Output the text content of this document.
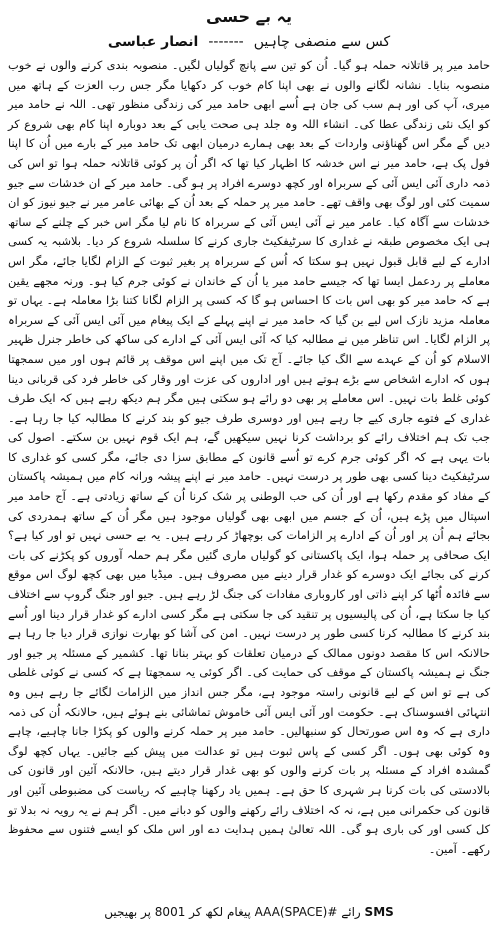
یہ بے حسی
کس سے منصفی چاہیں
-------
انصار عباسی

حامد میر پر قاتلانہ حملہ ہو گیا۔ اُن کو تین سے پانچ گولیاں لگیں۔ منصوبہ بندی کرنے والوں نے خوب منصوبہ بنایا۔ نشانہ لگانے والوں نے بھی اپنا کام خوب کر دکھایا مگر جس رب العزت کے ہاتھ میں میری، آپ کی اور ہم سب کی جان ہے اُسے ابھی حامد میر کی زندگی منظور تھی۔ اللہ نے حامد میر کو ایک نئی زندگی عطا کی۔ انشاء اللہ وہ جلد ہی صحت یابی کے بعد دوبارہ اپنا کام بھی شروع کر دیں گے مگر اس گھناؤنی واردات کے بعد بھی ہمارے درمیان ابھی تک حامد میر کے بارے میں اُن کا اپنا فول پک ہے، حامد میر نے اس خدشہ کا اظہار کیا تھا کہ اگر اُن پر کوئی قاتلانہ حملہ ہوا تو اس کی ذمہ داری آئی ایس آئی کے سربراہ اور کچھ دوسرے افراد پر ہو گی۔ حامد میر کے ان خدشات سے جیو سمیت کئی اور لوگ بھی واقف تھے۔ حامد میر پر حملہ کے بعد اُن کے بھائی عامر میر نے جیو نیوز کو ان خدشات سے آگاہ کیا۔ عامر میر نے آئی ایس آئی کے سربراہ کا نام لیا مگر اس خبر کے چلنے کے ساتھ ہی ایک مخصوص طبقہ نے غداری کا سرٹیفکیٹ جاری کرنے کا سلسلہ شروع کر دیا۔ بلاشبہ یہ کسی ادارے کے لیے قابل قبول نہیں ہو سکتا کہ اُس کے سربراہ پر بغیر ثبوت کے الزام لگایا جائے، مگر اس معاملے پر ردعمل ایسا تھا کہ جیسے حامد میر یا اُن کے خاندان نے کوئی جرم کیا ہو۔ ورنہ مجھے یقین ہے کہ حامد میر کو بھی اس بات کا احساس ہو گا کہ کسی پر الزام لگانا کتنا بڑا معاملہ ہے۔ یہاں تو معاملہ مزید نازک اس لیے بن گیا کہ حامد میر نے اپنے پہلے کے ایک پیغام میں آئی ایس آئی کے سربراہ پر الزام لگایا۔ اس تناظر میں نے مطالبہ کیا کہ آئی ایس آئی کے ادارے کی ساکھ کی خاطر جنرل ظہیر الاسلام کو اُن کے عہدے سے الگ کیا جائے۔ آج تک میں اپنے اس موقف پر قائم ہوں اور میں سمجھتا ہوں کہ ادارے اشخاص سے بڑے ہوتے ہیں اور اداروں کی عزت اور وقار کی خاطر فرد کی قربانی دینا کوئی غلط بات نہیں۔ اس معاملے پر بھی دو رائے ہو سکتی ہیں مگر ہم دیکھ رہے ہیں کہ ایک طرف غداری کے فتوے جاری کیے جا رہے ہیں اور دوسری طرف جیو کو بند کرنے کا مطالبہ کیا جا رہا ہے۔ جب تک ہم اختلاف رائے کو برداشت کرنا نہیں سیکھیں گے، ہم ایک قوم نہیں بن سکتے۔ اصول کی بات یہی ہے کہ اگر کوئی جرم کرے تو اُسے قانون کے مطابق سزا دی جائے، مگر کسی کو غداری کا سرٹیفکیٹ دینا کسی بھی طور پر درست نہیں۔ حامد میر نے اپنے پیشہ ورانہ کام میں ہمیشہ پاکستان کے مفاد کو مقدم رکھا ہے اور اُن کی حب الوطنی پر شک کرنا اُن کے ساتھ زیادتی ہے۔ آج حامد میر اسپتال میں پڑے ہیں، اُن کے جسم میں ابھی بھی گولیاں موجود ہیں مگر اُن کے ساتھ ہمدردی کی بجائے ہم اُن پر اور اُن کے ادارے پر الزامات کی بوچھاڑ کر رہے ہیں۔ یہ بے حسی نہیں تو اور کیا ہے؟ ایک صحافی پر حملہ ہوا، ایک پاکستانی کو گولیاں ماری گئیں مگر ہم حملہ آوروں کو پکڑنے کی بات کرنے کی بجائے ایک دوسرے کو غدار قرار دینے میں مصروف ہیں۔ میڈیا میں بھی کچھ لوگ اس موقع سے فائدہ اُٹھا کر اپنے ذاتی اور کاروباری مفادات کی جنگ لڑ رہے ہیں۔ جیو اور جنگ گروپ سے اختلاف کیا جا سکتا ہے، اُن کی پالیسیوں پر تنقید کی جا سکتی ہے مگر کسی ادارے کو غدار قرار دینا اور اُسے بند کرنے کا مطالبہ کرنا کسی طور پر درست نہیں۔ امن کی آشا کو بھارت نوازی قرار دیا جا رہا ہے حالانکہ اس کا مقصد دونوں ممالک کے درمیان تعلقات کو بہتر بنانا تھا۔ کشمیر کے مسئلہ پر جیو اور جنگ نے ہمیشہ پاکستان کے موقف کی حمایت کی۔ اگر کوئی یہ سمجھتا ہے کہ کسی نے کوئی غلطی کی ہے تو اس کے لیے قانونی راستہ موجود ہے، مگر جس انداز میں الزامات لگائے جا رہے ہیں وہ انتہائی افسوسناک ہے۔ حکومت اور آئی ایس آئی خاموش تماشائی بنے ہوئے ہیں، حالانکہ اُن کی ذمہ داری ہے کہ وہ اس صورتحال کو سنبھالیں۔ حامد میر پر حملہ کرنے والوں کو پکڑا جانا چاہیے، چاہے وہ کوئی بھی ہوں۔ اگر کسی کے پاس ثبوت ہیں تو عدالت میں پیش کیے جائیں۔ یہاں کچھ لوگ گمشدہ افراد کے مسئلہ پر بات کرنے والوں کو بھی غدار قرار دیتے ہیں، حالانکہ آئین اور قانون کی بالادستی کی بات کرنا ہر شہری کا حق ہے۔ ہمیں یاد رکھنا چاہیے کہ ریاست کی مضبوطی آئین اور قانون کی حکمرانی میں ہے، نہ کہ اختلاف رائے رکھنے والوں کو دبانے میں۔ اگر ہم نے یہ رویہ نہ بدلا تو کل کسی اور کی باری ہو گی۔ اللہ تعالیٰ ہمیں ہدایت دے اور اس ملک کو ایسے فتنوں سے محفوظ رکھے۔ آمین۔

SMS رائے #AAA(SPACE) پیغام لکھ کر 8001 پر بھیجیں
